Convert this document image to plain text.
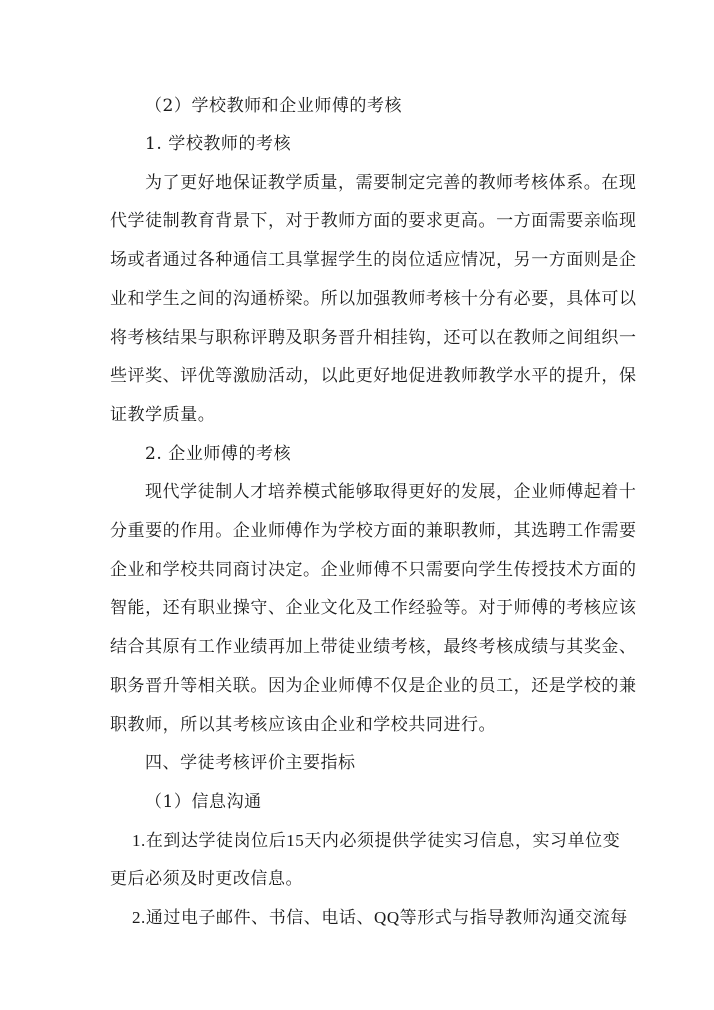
（2）学校教师和企业师傅的考核
1. 学校教师的考核
为了更好地保证教学质量，需要制定完善的教师考核体系。在现
代学徒制教育背景下，对于教师方面的要求更高。一方面需要亲临现
场或者通过各种通信工具掌握学生的岗位适应情况，另一方面则是企
业和学生之间的沟通桥梁。所以加强教师考核十分有必要，具体可以
将考核结果与职称评聘及职务晋升相挂钩，还可以在教师之间组织一
些评奖、评优等激励活动，以此更好地促进教师教学水平的提升，保
证教学质量。
2. 企业师傅的考核
现代学徒制人才培养模式能够取得更好的发展，企业师傅起着十
分重要的作用。企业师傅作为学校方面的兼职教师，其选聘工作需要
企业和学校共同商讨决定。企业师傅不只需要向学生传授技术方面的
智能，还有职业操守、企业文化及工作经验等。对于师傅的考核应该
结合其原有工作业绩再加上带徒业绩考核，最终考核成绩与其奖金、
职务晋升等相关联。因为企业师傅不仅是企业的员工，还是学校的兼
职教师，所以其考核应该由企业和学校共同进行。
四、学徒考核评价主要指标
（1）信息沟通
1.在到达学徒岗位后15天内必须提供学徒实习信息，实习单位变
更后必须及时更改信息。
2.通过电子邮件、书信、电话、QQ等形式与指导教师沟通交流每
